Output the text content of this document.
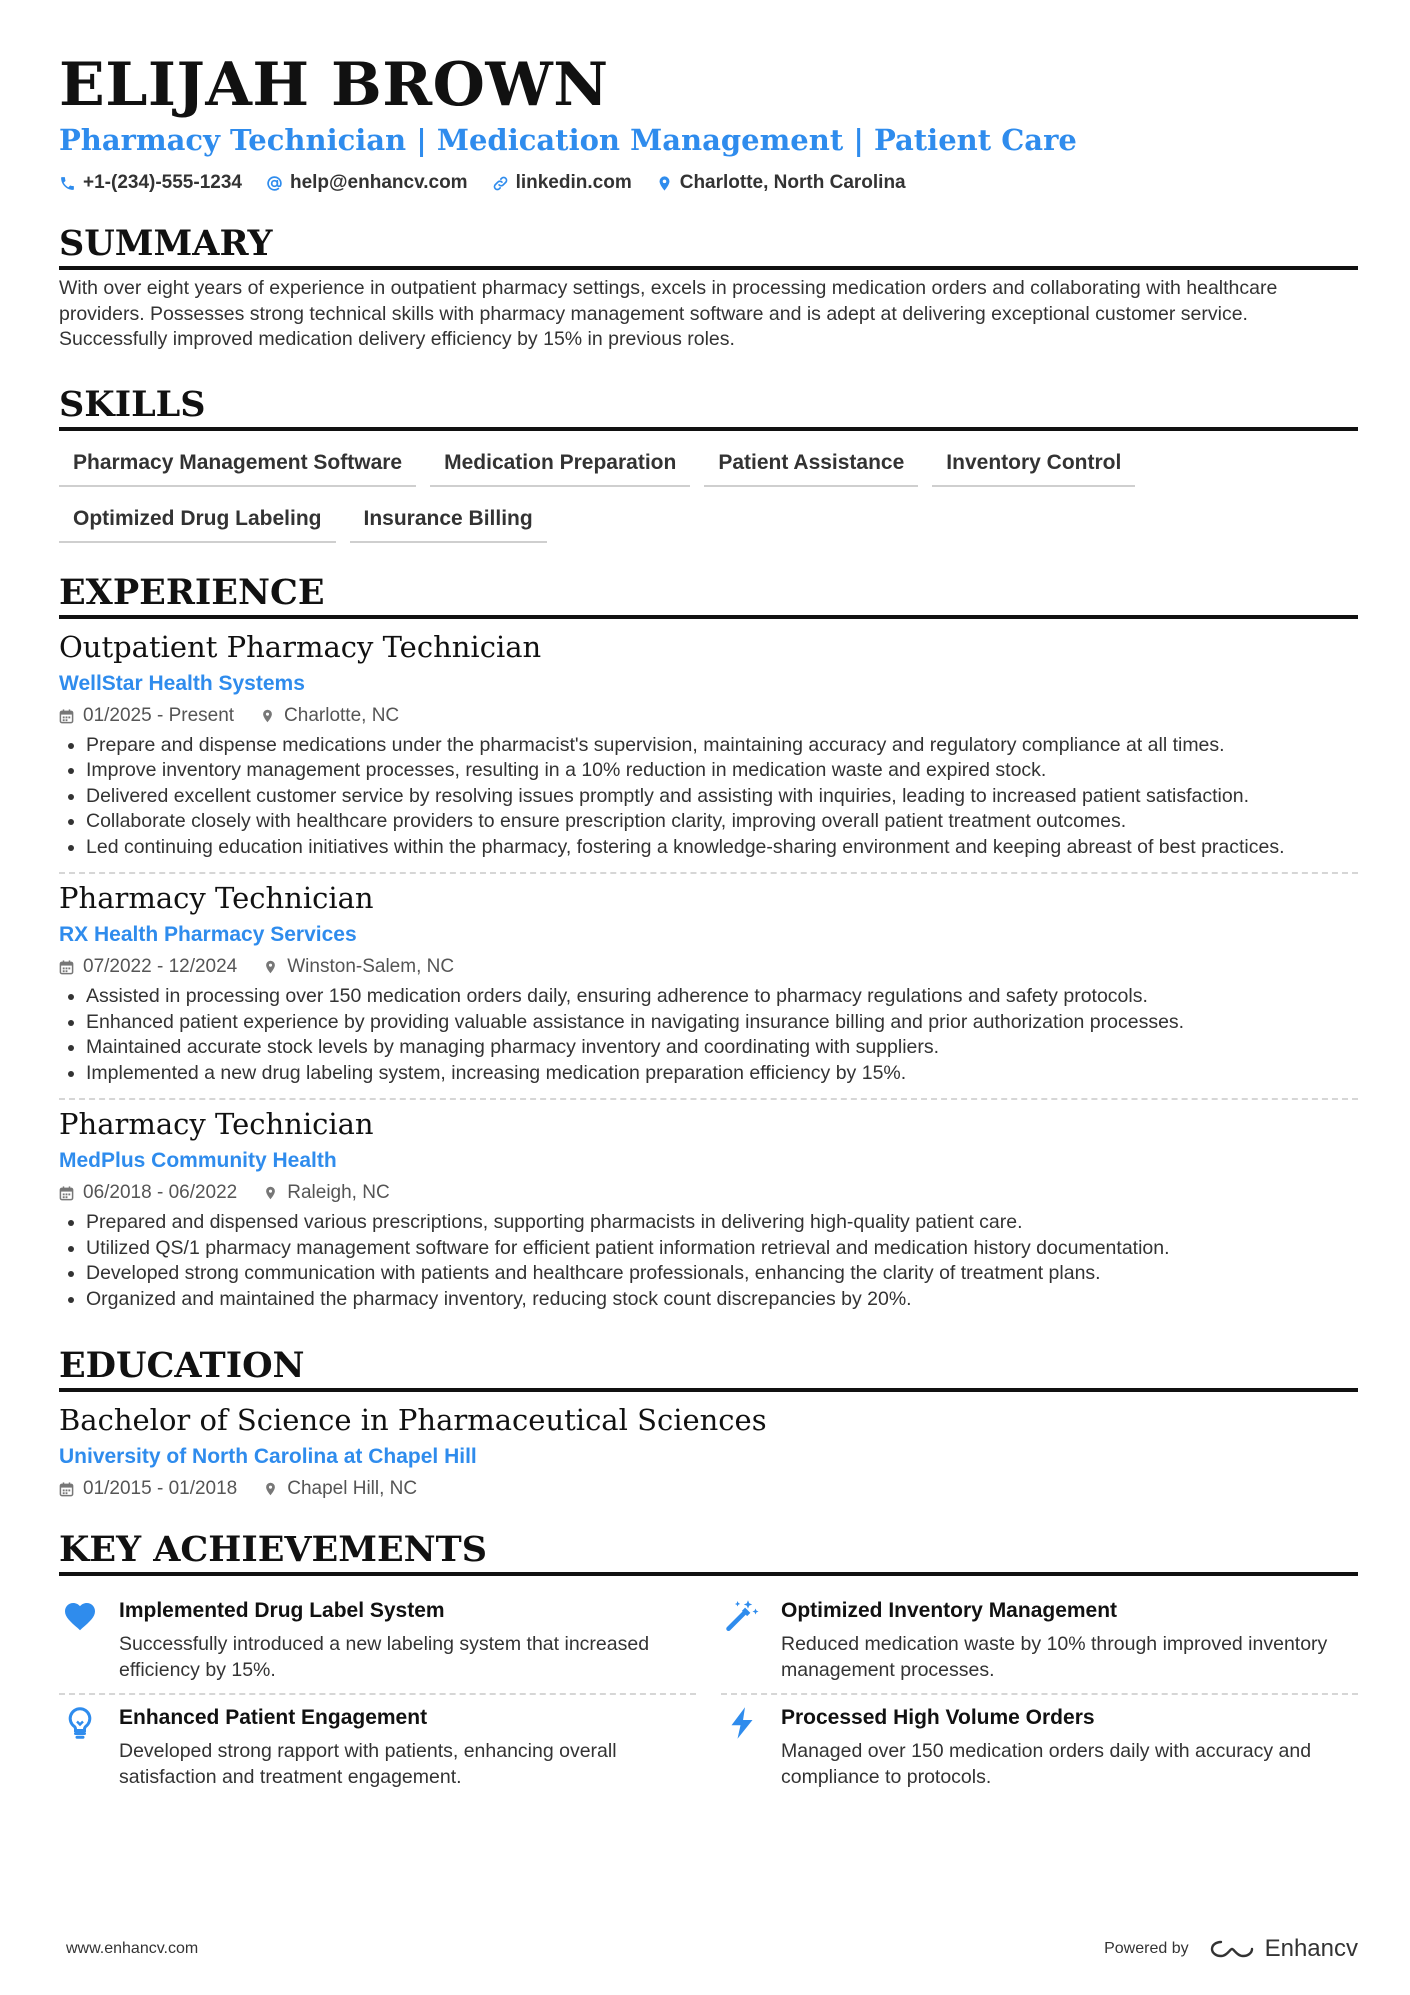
ELIJAH BROWN
Pharmacy Technician | Medication Management | Patient Care
+1-(234)-555-1234	help@enhancv.com	linkedin.com	Charlotte, North Carolina
SUMMARY

With over eight years of experience in outpatient pharmacy settings, excels in processing medication orders and collaborating with healthcare providers. Possesses strong technical skills with pharmacy management software and is adept at delivering exceptional customer service. Successfully improved medication delivery efficiency by 15% in previous roles.

SKILLS
Pharmacy Management Software	Medication Preparation	Patient Assistance	Inventory Control
Optimized Drug Labeling	Insurance Billing
EXPERIENCE
Outpatient Pharmacy Technician
WellStar Health Systems
01/2025 - Present	Charlotte, NC
• Prepare and dispense medications under the pharmacist's supervision, maintaining accuracy and regulatory compliance at all times.
• Improve inventory management processes, resulting in a 10% reduction in medication waste and expired stock.
• Delivered excellent customer service by resolving issues promptly and assisting with inquiries, leading to increased patient satisfaction.
• Collaborate closely with healthcare providers to ensure prescription clarity, improving overall patient treatment outcomes.
• Led continuing education initiatives within the pharmacy, fostering a knowledge-sharing environment and keeping abreast of best practices.
Pharmacy Technician
RX Health Pharmacy Services
07/2022 - 12/2024	Winston-Salem, NC
• Assisted in processing over 150 medication orders daily, ensuring adherence to pharmacy regulations and safety protocols.
• Enhanced patient experience by providing valuable assistance in navigating insurance billing and prior authorization processes.
• Maintained accurate stock levels by managing pharmacy inventory and coordinating with suppliers.
• Implemented a new drug labeling system, increasing medication preparation efficiency by 15%.
Pharmacy Technician
MedPlus Community Health
06/2018 - 06/2022	Raleigh, NC
• Prepared and dispensed various prescriptions, supporting pharmacists in delivering high-quality patient care.
• Utilized QS/1 pharmacy management software for efficient patient information retrieval and medication history documentation.
• Developed strong communication with patients and healthcare professionals, enhancing the clarity of treatment plans.
• Organized and maintained the pharmacy inventory, reducing stock count discrepancies by 20%.
EDUCATION
Bachelor of Science in Pharmaceutical Sciences
University of North Carolina at Chapel Hill
01/2015 - 01/2018	Chapel Hill, NC
KEY ACHIEVEMENTS
Implemented Drug Label System
Successfully introduced a new labeling system that increased efficiency by 15%.
Optimized Inventory Management
Reduced medication waste by 10% through improved inventory management processes.
Enhanced Patient Engagement
Developed strong rapport with patients, enhancing overall satisfaction and treatment engagement.
Processed High Volume Orders
Managed over 150 medication orders daily with accuracy and compliance to protocols.
www.enhancv.com	Powered by	Enhancv
